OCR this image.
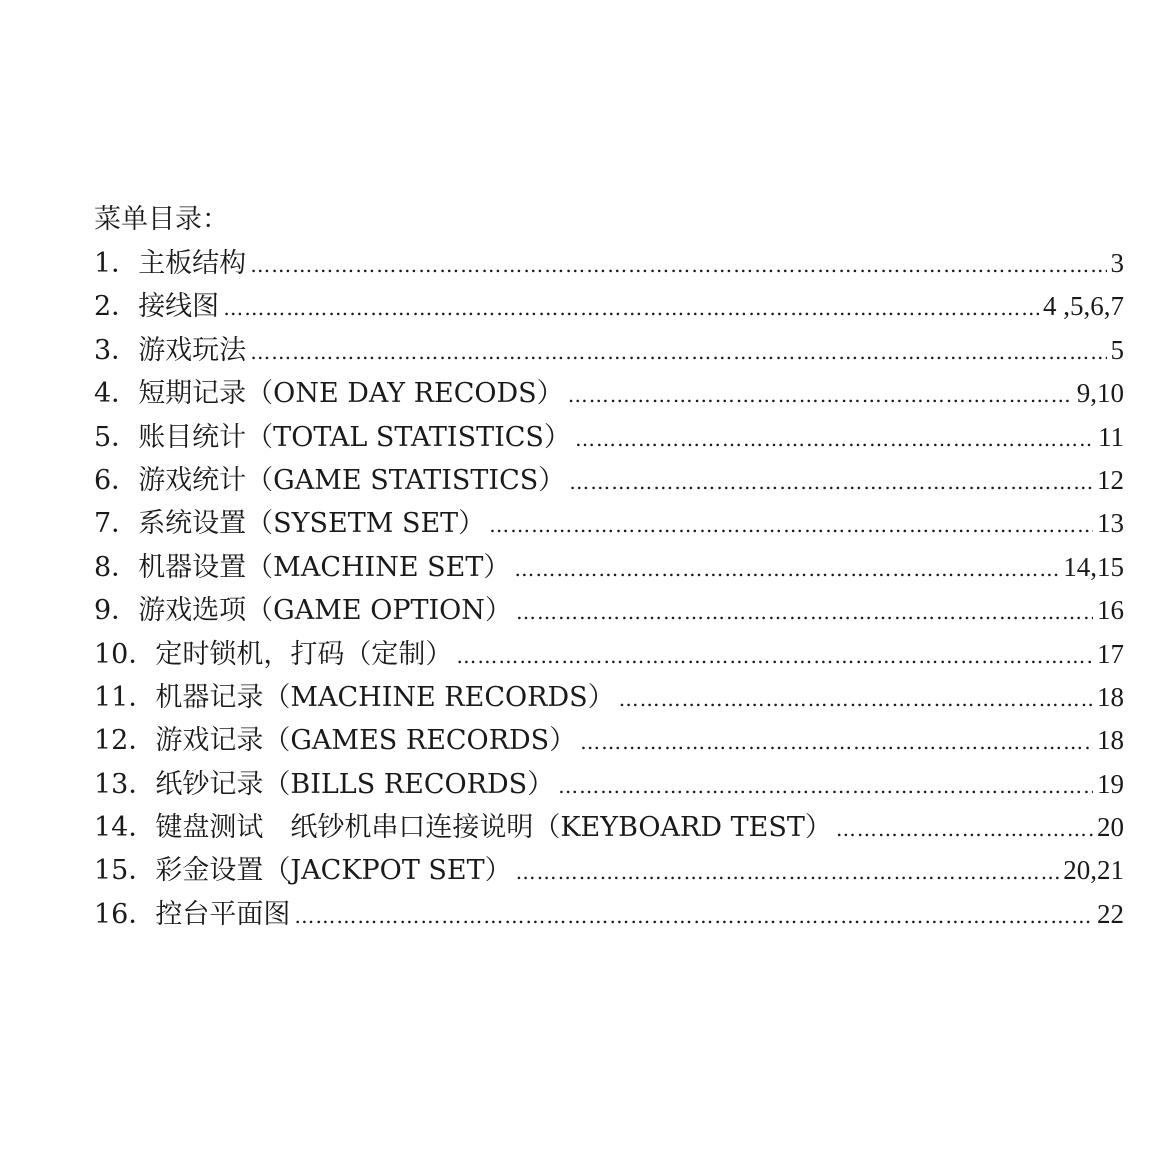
菜单目录：
1． 主板结构 ………………………………………………………………………………………………………………………………………………………………………………………………	3
2． 接线图 ………………………………………………………………………………………………………………………………………………………………………………………………	4 ,5,6,7
3． 游戏玩法 ………………………………………………………………………………………………………………………………………………………………………………………………	5
4． 短期记录（ONE DAY RECODS） ………………………………………………………………………………………………………………………………………………………………………………………………	9,10
5． 账目统计（TOTAL STATISTICS） ………………………………………………………………………………………………………………………………………………………………………………………………	11
6． 游戏统计（GAME STATISTICS） ………………………………………………………………………………………………………………………………………………………………………………………………	12
7． 系统设置（SYSETM SET） ………………………………………………………………………………………………………………………………………………………………………………………………	13
8． 机器设置（MACHINE SET） ………………………………………………………………………………………………………………………………………………………………………………………………	14,15
9． 游戏选项（GAME OPTION） ………………………………………………………………………………………………………………………………………………………………………………………………	16
10． 定时锁机，打码（定制） ………………………………………………………………………………………………………………………………………………………………………………………………	17
11． 机器记录（MACHINE RECORDS） ………………………………………………………………………………………………………………………………………………………………………………………………	18
12． 游戏记录（GAMES RECORDS） ………………………………………………………………………………………………………………………………………………………………………………………………	18
13． 纸钞记录（BILLS RECORDS） ………………………………………………………………………………………………………………………………………………………………………………………………	19
14． 键盘测试　纸钞机串口连接说明（KEYBOARD TEST） ………………………………………………………………………………………………………………………………………………………………………………………………	20
15． 彩金设置（JACKPOT SET） ………………………………………………………………………………………………………………………………………………………………………………………………	20,21
16． 控台平面图 ………………………………………………………………………………………………………………………………………………………………………………………………	22
